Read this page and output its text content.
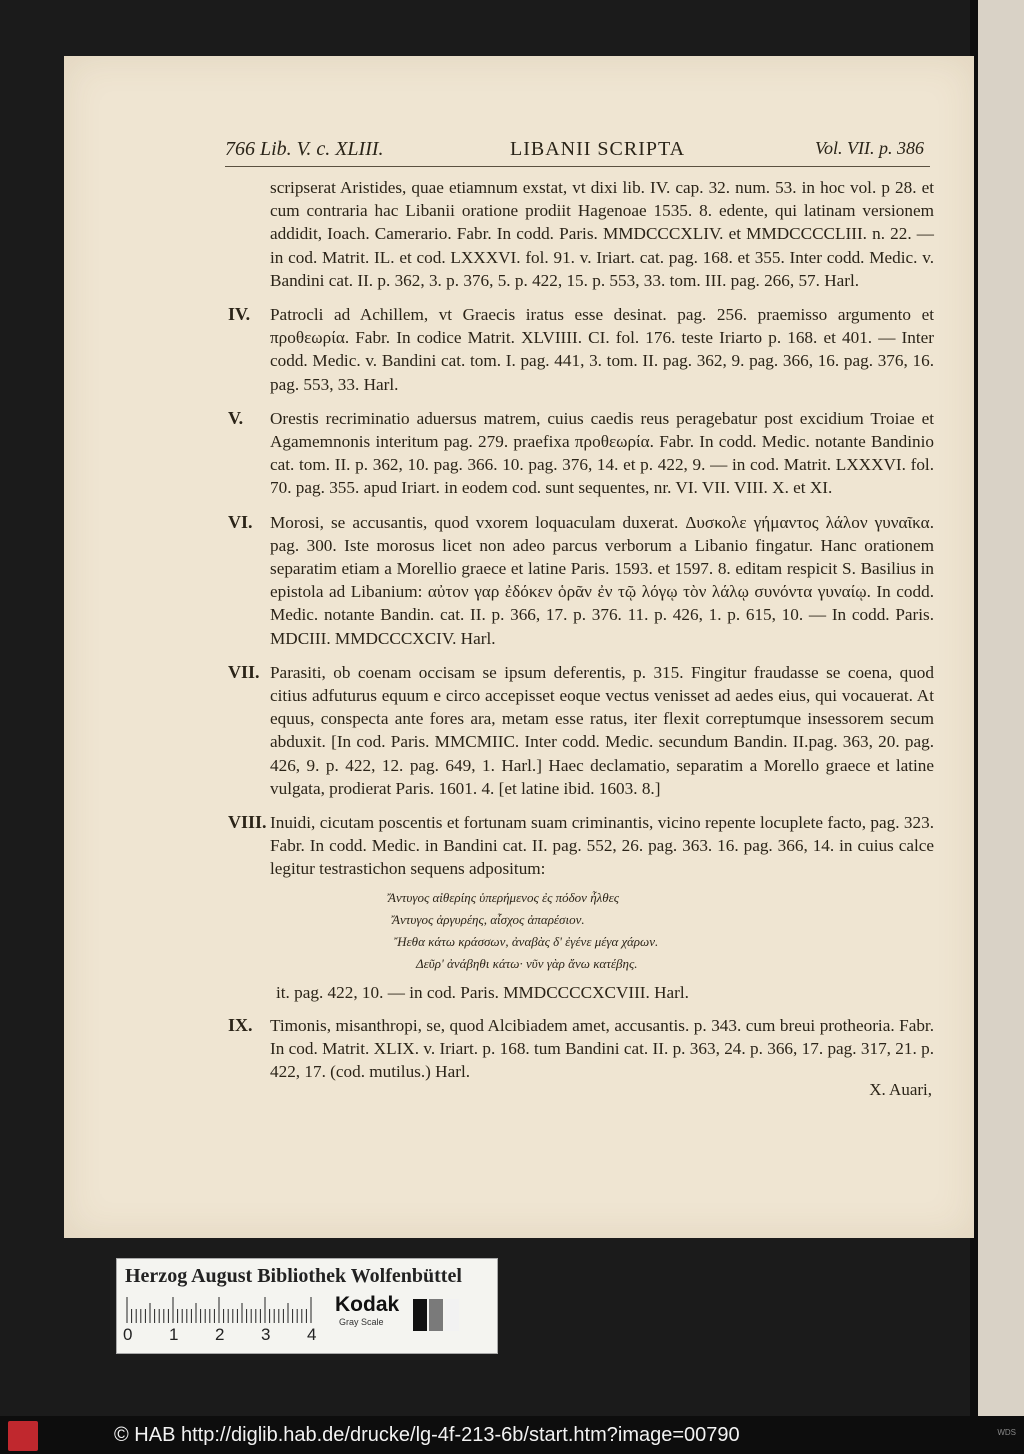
766 Lib. V. c. XLIII.	LIBANII SCRIPTA	Vol. VII. p. 386

scripserat Aristides, quae etiamnum exstat, vt dixi lib. IV. cap. 32. num. 53. in hoc vol. p 28. et cum contraria hac Libanii oratione prodiit Hagenoae 1535. 8. edente, qui latinam versionem addidit, Ioach. Camerario. Fabr. In codd. Paris. MMDCCCXLIV. et MMDCCCCLIII. n. 22. — in cod. Matrit. IL. et cod. LXXXVI. fol. 91. v. Iriart. cat. pag. 168. et 355. Inter codd. Medic. v. Bandini cat. II. p. 362, 3. p. 376, 5. p. 422, 15. p. 553, 33. tom. III. pag. 266, 57. Harl.

IV. Patrocli ad Achillem, vt Graecis iratus esse desinat. pag. 256. praemisso argumento et προθεωρία. Fabr. In codice Matrit. XLVIIII. CI. fol. 176. teste Iriarto p. 168. et 401. — Inter codd. Medic. v. Bandini cat. tom. I. pag. 441, 3. tom. II. pag. 362, 9. pag. 366, 16. pag. 376, 16. pag. 553, 33. Harl.

V. Orestis recriminatio aduersus matrem, cuius caedis reus peragebatur post excidium Troiae et Agamemnonis interitum pag. 279. praefixa προθεωρία. Fabr. In codd. Medic. notante Bandinio cat. tom. II. p. 362, 10. pag. 366. 10. pag. 376, 14. et p. 422, 9. — in cod. Matrit. LXXXVI. fol. 70. pag. 355. apud Iriart. in eodem cod. sunt sequentes, nr. VI. VII. VIII. X. et XI.

VI. Morosi, se accusantis, quod vxorem loquaculam duxerat. Δυσκολε γήμαντος λάλον γυναῖκα. pag. 300. Iste morosus licet non adeo parcus verborum a Libanio fingatur. Hanc orationem separatim etiam a Morellio graece et latine Paris. 1593. et 1597. 8. editam respicit S. Basilius in epistola ad Libanium: αὐτον γαρ ἐδόκεν ὁρᾶν ἐν τῷ λόγῳ τὸν λάλῳ συνόντα γυναίῳ. In codd. Medic. notante Bandin. cat. II. p. 366, 17. p. 376. 11. p. 426, 1. p. 615, 10. — In codd. Paris. MDCIII. MMDCCCXCIV. Harl.

VII. Parasiti, ob coenam occisam se ipsum deferentis, p. 315. Fingitur fraudasse se coena, quod citius adfuturus equum e circo accepisset eoque vectus venisset ad aedes eius, qui vocauerat. At equus, conspecta ante fores ara, metam esse ratus, iter flexit correptumque insessorem secum abduxit. [In cod. Paris. MMCMIIC. Inter codd. Medic. secundum Bandin. II.pag. 363, 20. pag. 426, 9. p. 422, 12. pag. 649, 1. Harl.] Haec declamatio, separatim a Morello graece et latine vulgata, prodierat Paris. 1601. 4. [et latine ibid. 1603. 8.]

VIII. Inuidi, cicutam poscentis et fortunam suam criminantis, vicino repente locuplete facto, pag. 323. Fabr. In codd. Medic. in Bandini cat. II. pag. 552, 26. pag. 363. 16. pag. 366, 14. in cuius calce legitur testrastichon sequens adpositum:

Ἄντυγος αἰθερίης ὑπερήμενος ἐς πόδον ἦλθες
Ἄντυγος ἀργυρέης, αἶσχος ἀπαρέσιον.
Ἤεθα κάτω κράσσων, ἀναβὰς δ' ἐγένε μέγα χάρων.
Δεῦρ' ἀνάβηθι κάτω· νῦν γὰρ ἄνω κατέβης.

it. pag. 422, 10. — in cod. Paris. MMDCCCCXCVIII. Harl.

IX. Timonis, misanthropi, se, quod Alcibiadem amet, accusantis. p. 343. cum breui protheoria. Fabr. In cod. Matrit. XLIX. v. Iriart. p. 168. tum Bandini cat. II. p. 363, 24. p. 366, 17. pag. 317, 21. p. 422, 17. (cod. mutilus.) Harl.

X. Auari,
Herzog August Bibliothek Wolfenbüttel
Kodak
Gray Scale
0 1 2 3 4
© HAB http://diglib.hab.de/drucke/lg-4f-213-6b/start.htm?image=00790	WDS
